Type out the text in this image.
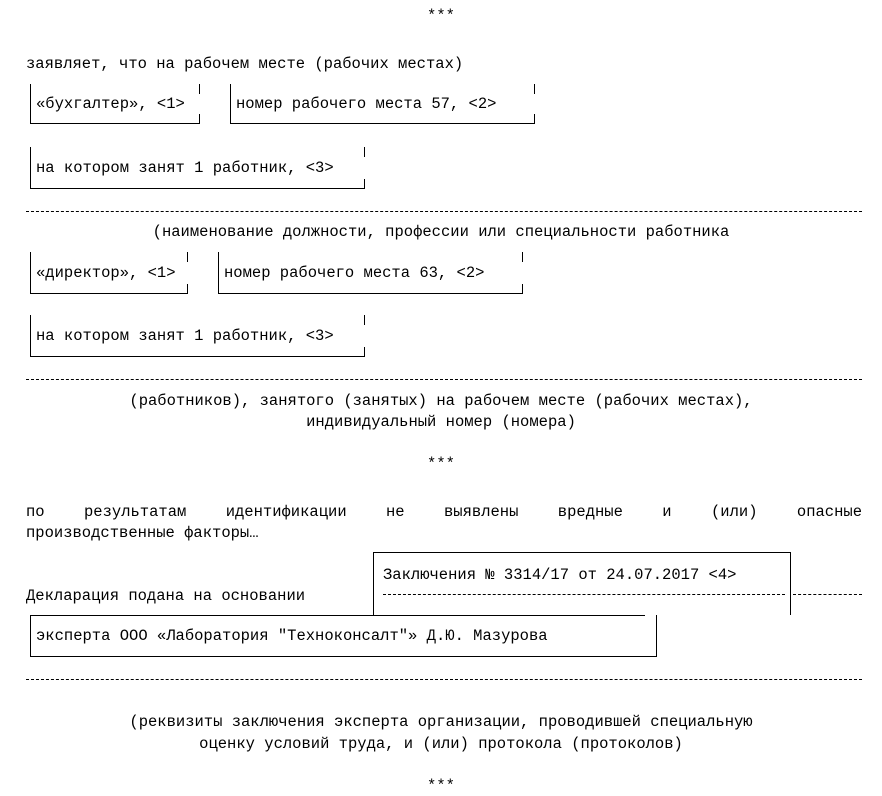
***
заявляет, что на рабочем месте (рабочих местах)
«бухгалтер», <1>	номер рабочего места 57, <2>
на котором занят 1 работник, <3>
(наименование должности, профессии или специальности работника
«директор», <1>	номер рабочего места 63, <2>
на котором занят 1 работник, <3>
(работников), занятого (занятых) на рабочем месте (рабочих местах),
индивидуальный номер (номера)
***
по результатам идентификации не выявлены вредные и (или) опасные
производственные факторы…
Декларация подана на основании
Заключения № 3314/17 от 24.07.2017 <4>
эксперта ООО «Лаборатория "Техноконсалт"» Д.Ю. Мазурова
(реквизиты заключения эксперта организации, проводившей специальную
оценку условий труда, и (или) протокола (протоколов)
***
